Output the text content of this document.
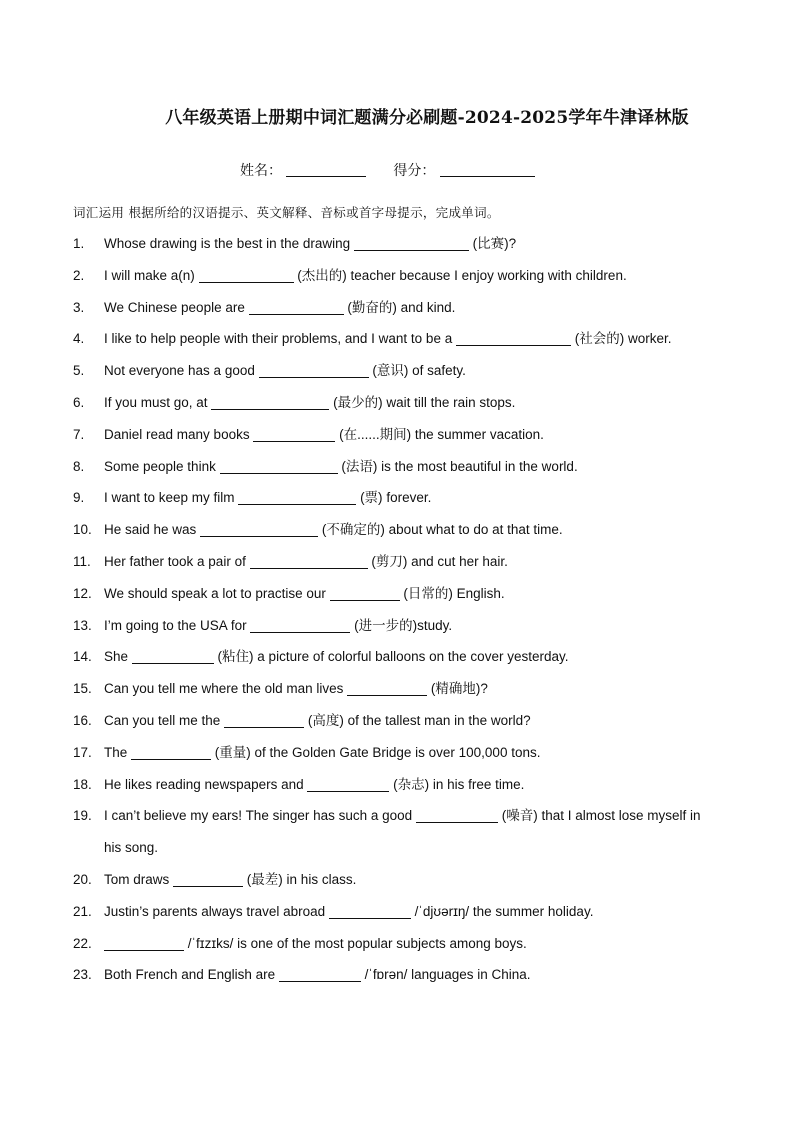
八年级英语上册期中词汇题满分必刷题-2024-2025学年牛津译林版
姓名：	得分：
词汇运用 根据所给的汉语提示、英文解释、音标或首字母提示，完成单词。
1.	Whose drawing is the best in the drawing	(比赛)?
2.	I will make a(n)	(杰出的) teacher because I enjoy working with children.
3.	We Chinese people are	(勤奋的) and kind.
4.	I like to help people with their problems, and I want to be a	(社会的) worker.
5.	Not everyone has a good	(意识) of safety.
6.	If you must go, at	(最少的) wait till the rain stops.
7.	Daniel read many books	(在......期间) the summer vacation.
8.	Some people think	(法语) is the most beautiful in the world.
9.	I want to keep my film	(票) forever.
10. He said he was	(不确定的) about what to do at that time.
11. Her father took a pair of	(剪刀) and cut her hair.
12. We should speak a lot to practise our	(日常的) English.
13. I’m going to the USA for	(进一步的)study.
14. She	(粘住) a picture of colorful balloons on the cover yesterday.
15. Can you tell me where the old man lives	(精确地)?
16. Can you tell me the	(高度) of the tallest man in the world?
17. The	(重量) of the Golden Gate Bridge is over 100,000 tons.
18. He likes reading newspapers and	(杂志) in his free time.
19. I can’t believe my ears! The singer has such a good	(噪音) that I almost lose myself in his song.
20. Tom draws	(最差) in his class.
21. Justin’s parents always travel abroad	/ˈdjʊərɪŋ/ the summer holiday.
22.	/ˈfɪzɪks/ is one of the most popular subjects among boys.
23. Both French and English are	/ˈfɒrən/ languages in China.
